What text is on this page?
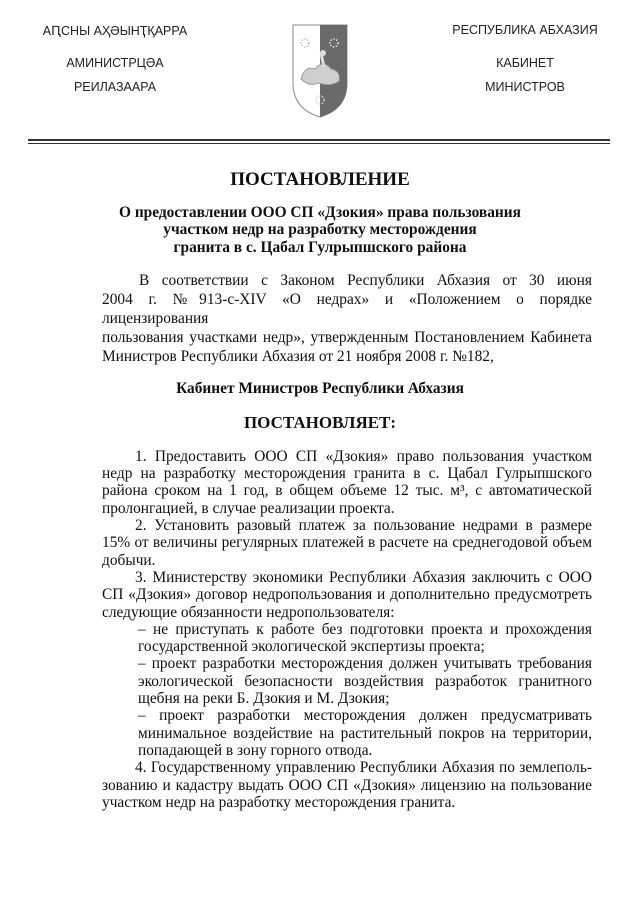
АԤСНЫ АҲӘЫНҬҚАРРА
АМИНИСТРЦӘА
РЕИЛАЗААРА
РЕСПУБЛИКА АБХАЗИЯ
КАБИНЕТ
МИНИСТРОВ
ПОСТАНОВЛЕНИЕ
О предоставлении ООО СП «Дзокия» права пользования
участком недр на разработку месторождения
гранита в с. Цабал Гулрыпшского района
В соответствии с Законом Республики Абхазия от 30 июня
2004 г. №913-с-XIV «О недрах» и «Положением о порядке лицензирования
пользования участками недр», утвержденным Постановлением Кабинета
Министров Республики Абхазия от 21 ноября 2008 г. №182,
Кабинет Министров Республики Абхазия
ПОСТАНОВЛЯЕТ:
1. Предоставить ООО СП «Дзокия» право пользования участком
недр на разработку месторождения гранита в с. Цабал Гулрыпшского
района сроком на 1 год, в общем объеме 12 тыс. м³, с автоматической
пролонгацией, в случае реализации проекта.
2. Установить разовый платеж за пользование недрами в размере
15% от величины регулярных платежей в расчете на среднегодовой объем
добычи.
3. Министерству экономики Республики Абхазия заключить с ООО
СП «Дзокия» договор недропользования и дополнительно предусмотреть
следующие обязанности недропользователя:
– не приступать к работе без подготовки проекта и прохождения
государственной экологической экспертизы проекта;
– проект разработки месторождения должен учитывать требования
экологической безопасности воздействия разработок гранитного
щебня на реки Б. Дзокия и М. Дзокия;
– проект разработки месторождения должен предусматривать
минимальное воздействие на растительный покров на территории,
попадающей в зону горного отвода.
4. Государственному управлению Республики Абхазия по землеполь-
зованию и кадастру выдать ООО СП «Дзокия» лицензию на пользование
участком недр на разработку месторождения гранита.
